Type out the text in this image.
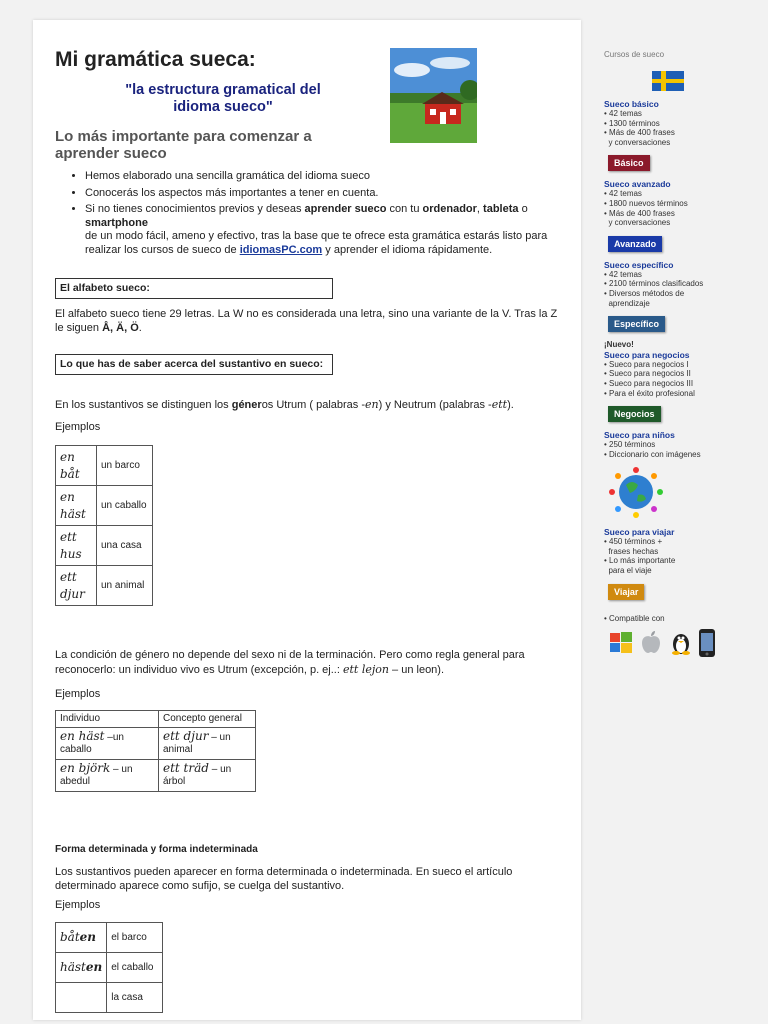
Mi gramática sueca:
"la estructura gramatical del idioma sueco"
Lo más importante para comenzar a aprender sueco
• Hemos elaborado una sencilla gramática del idioma sueco
• Conocerás los aspectos más importantes a tener en cuenta.
• Si no tienes conocimientos previos y deseas aprender sueco con tu ordenador, tableta o
smartphone
de un modo fácil, ameno y efectivo, tras la base que te ofrece esta gramática estarás listo para realizar los cursos de sueco de idiomasPC.com y aprender el idioma rápidamente.
El alfabeto sueco:
El alfabeto sueco tiene 29 letras. La W no es considerada una letra, sino una variante de la V. Tras la Z le siguen Å, Ä, Ö.
Lo que has de saber acerca del sustantivo en sueco:
En los sustantivos se distinguen los géneros Utrum ( palabras -en) y Neutrum (palabras -ett).
Ejemplos
en båt	un barco
en häst	un caballo
ett hus	una casa
ett djur	un animal
La condición de género no depende del sexo ni de la terminación. Pero como regla general para reconocerlo: un individuo vivo es Utrum (excepción, p. ej..: ett lejon – un leon).
Ejemplos
Individuo	Concepto general
en häst –un caballo	ett djur – un animal
en björk – un abedul	ett träd – un árbol
Forma determinada y forma indeterminada
Los sustantivos pueden aparecer en forma determinada o indeterminada. En sueco el artículo determinado aparece como sufijo, se cuelga del sustantivo.
Ejemplos
båten	el barco
hästen	el caballo
	la casa
Cursos de sueco
Sueco básico
• 42 temas
• 1300 términos
• Más de 400 frases
y conversaciones
Básico
Sueco avanzado
• 42 temas
• 1800 nuevos términos
• Más de 400 frases
y conversaciones
Avanzado
Sueco específico
• 42 temas
• 2100 términos clasificados
• Diversos métodos de
aprendizaje
Específico
¡Nuevo!
Sueco para negocios
• Sueco para negocios I
• Sueco para negocios II
• Sueco para negocios III
• Para el éxito profesional
Negocios
Sueco para niños
• 250 términos
• Diccionario con imágenes
Sueco para viajar
• 450 términos +
frases hechas
• Lo más importante
para el viaje
Viajar
• Compatible con
